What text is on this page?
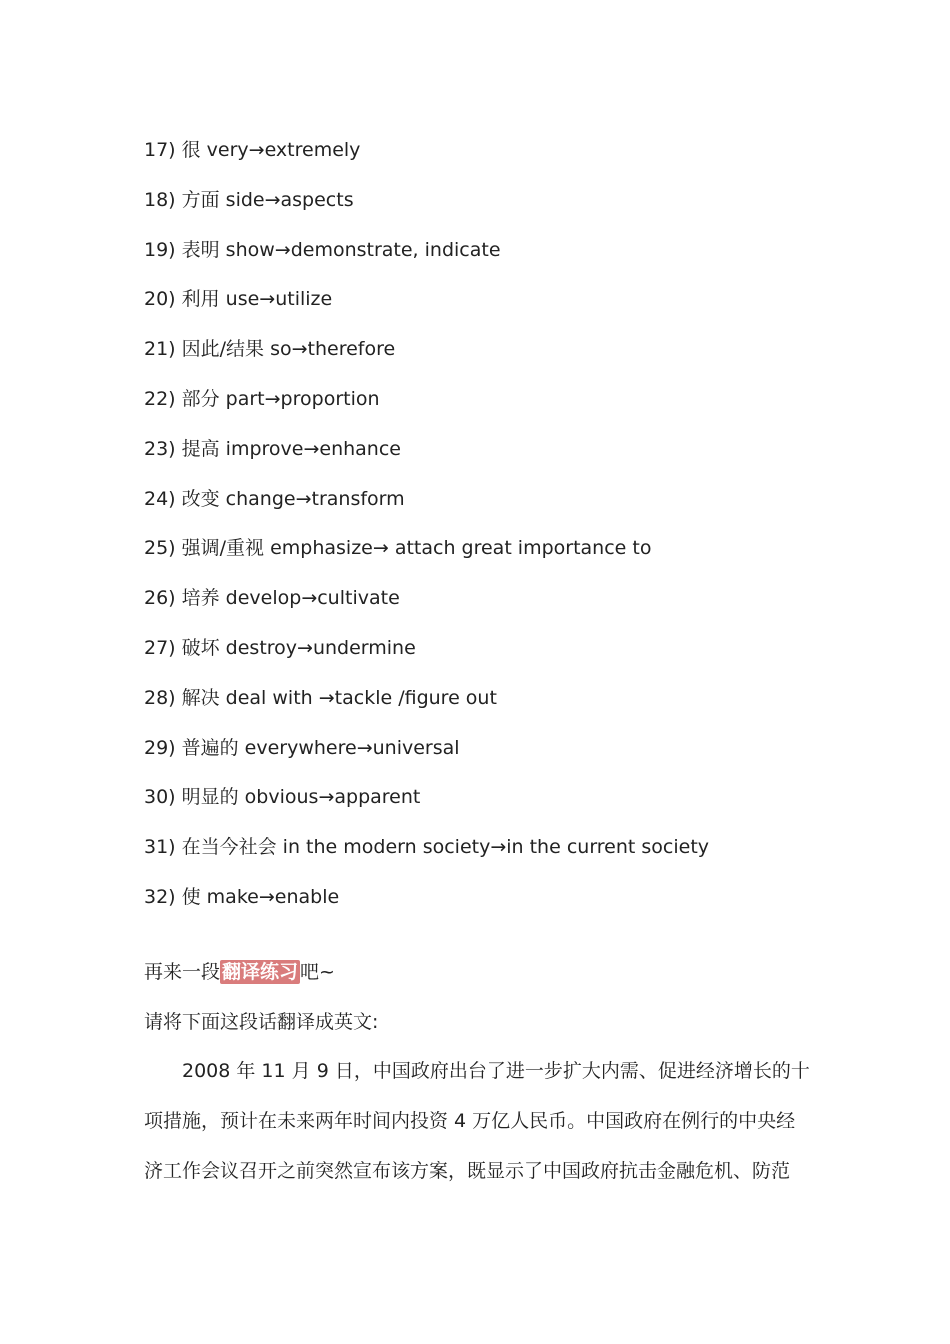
17) 很 very→extremely
18) 方面 side→aspects
19) 表明 show→demonstrate, indicate
20) 利用 use→utilize
21) 因此/结果 so→therefore
22) 部分 part→proportion
23) 提高 improve→enhance
24) 改变 change→transform
25) 强调/重视 emphasize→ attach great importance to
26) 培养 develop→cultivate
27) 破坏 destroy→undermine
28) 解决 deal with →tackle /figure out
29) 普遍的 everywhere→universal
30) 明显的 obvious→apparent
31) 在当今社会 in the modern society→in the current society
32) 使 make→enable
再来一段 翻译练习 吧~
请将下面这段话翻译成英文:
2008 年 11 月 9 日，中国政府出台了进一步扩大内需、促进经济增长的十
项措施，预计在未来两年时间内投资 4 万亿人民币。中国政府在例行的中央经
济工作会议召开之前突然宣布该方案，既显示了中国政府抗击金融危机、防范
